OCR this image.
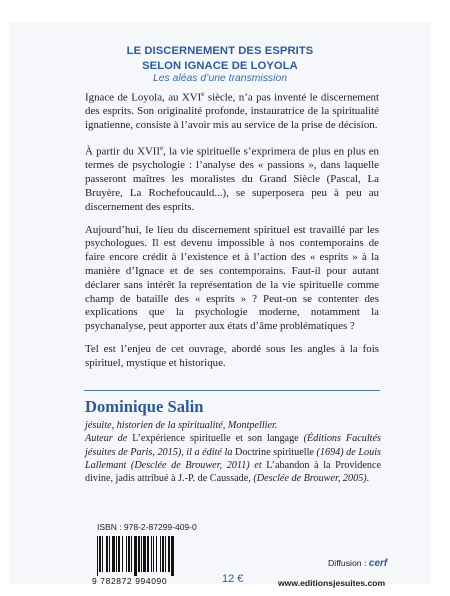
LE DISCERNEMENT DES ESPRITS
SELON IGNACE DE LOYOLA
Les aléas d’une transmission

Ignace de Loyola, au XVIe siècle, n’a pas inventé le discernement des esprits. Son originalité profonde, instauratrice de la spiritualité ignatienne, consiste à l’avoir mis au service de la prise de décision.

À partir du XVIIe, la vie spirituelle s’exprimera de plus en plus en termes de psychologie : l’analyse des « passions », dans laquelle passeront maîtres les moralistes du Grand Siècle (Pascal, La Bruyère, La Rochefoucauld...), se superposera peu à peu au discernement des esprits.

Aujourd’hui, le lieu du discernement spirituel est travaillé par les psychologues. Il est devenu impossible à nos contemporains de faire encore crédit à l’existence et à l’action des « esprits » à la manière d’Ignace et de ses contemporains. Faut-il pour autant déclarer sans intérêt la représentation de la vie spirituelle comme champ de bataille des « esprits » ? Peut-on se contenter des explications que la psychologie moderne, notamment la psychanalyse, peut apporter aux états d’âme problématiques ?

Tel est l’enjeu de cet ouvrage, abordé sous les angles à la fois spirituel, mystique et historique.

Dominique Salin

jésuite, historien de la spiritualité, Montpellier.

Auteur de L’expérience spirituelle et son langage (Éditions Facultés jésuites de Paris, 2015), il a édité la Doctrine spirituelle (1694) de Louis Lallemant (Desclée de Brouwer, 2011) et L’abandon à la Providence divine, jadis attribué à J.-P. de Caussade, (Desclée de Brouwer, 2005).

ISBN : 978-2-87299-409-0
9 782872 994090	12 €
Diffusion : cerf
www.editionsjesuites.com
